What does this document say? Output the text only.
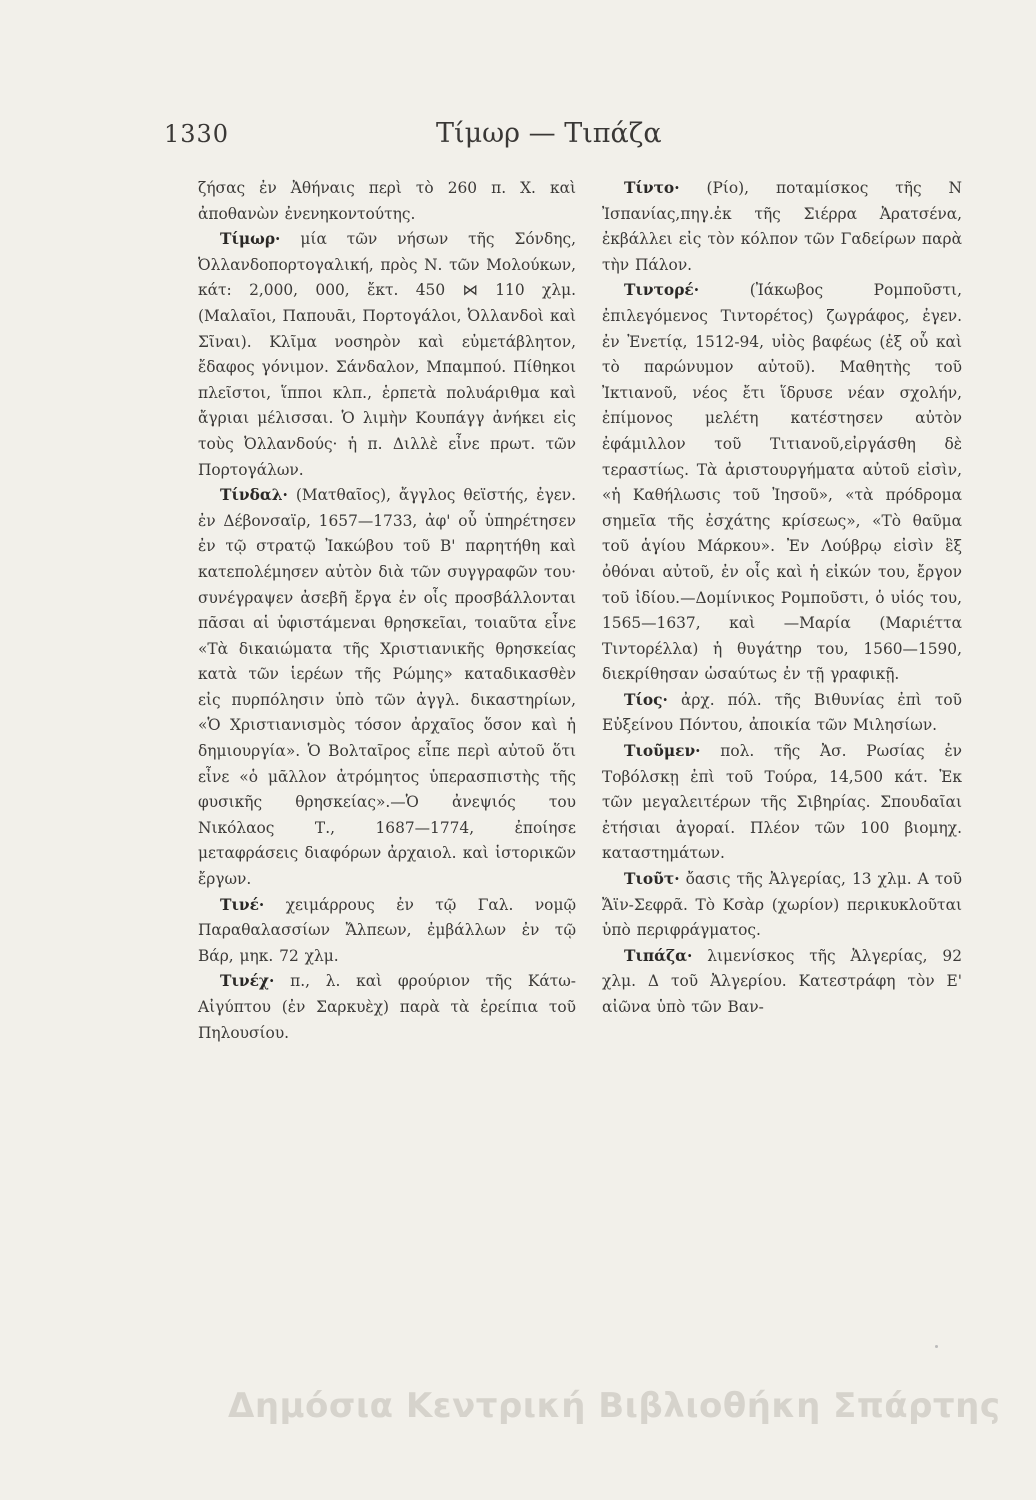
1330	Τίμωρ — Τιπάζα

ζήσας ἐν Ἀθήναις περὶ τὸ 260 π. Χ. καὶ ἀποθανὼν ἐνενηκοντούτης.

Τίμωρ· μία τῶν νήσων τῆς Σόνδης, Ὀλλανδοπορτογαλική, πρὸς Ν. τῶν Μολούκων, κάτ: 2,000, 000, ἔκτ. 450 ⋈ 110 χλμ. (Μαλαῖοι, Παπουᾶι, Πορτογάλοι, Ὀλλανδοὶ καὶ Σῖναι). Κλῖμα νοσηρὸν καὶ εὐμετάβλητον, ἔδαφος γόνιμον. Σάνδαλον, Μπαμπού. Πίθηκοι πλεῖστοι, ἵπποι κλπ., ἑρπετὰ πολυάριθμα καὶ ἄγριαι μέλισσαι. Ὁ λιμὴν Κουπάγγ ἀνήκει εἰς τοὺς Ὀλλανδούς· ἡ π. Διλλὲ εἶνε πρωτ. τῶν Πορτογάλων.

Τίνδαλ· (Ματθαῖος), ἄγγλος θεϊστής, ἐγεν. ἐν Δέβονσαϊρ, 1657—1733, ἀφ' οὗ ὑπηρέτησεν ἐν τῷ στρατῷ Ἰακώβου τοῦ Β' παρητήθη καὶ κατεπολέμησεν αὐτὸν διὰ τῶν συγγραφῶν του· συνέγραψεν ἀσεβῆ ἔργα ἐν οἷς προσβάλλονται πᾶσαι αἱ ὑφιστάμεναι θρησκεῖαι, τοιαῦτα εἶνε «Τὰ δικαιώματα τῆς Χριστιανικῆς θρησκείας κατὰ τῶν ἱερέων τῆς Ρώμης» καταδικασθὲν εἰς πυρπόλησιν ὑπὸ τῶν ἀγγλ. δικαστηρίων, «Ὁ Χριστιανισμὸς τόσον ἀρχαῖος ὅσον καὶ ἡ δημιουργία». Ὁ Βολταῖρος εἶπε περὶ αὐτοῦ ὅτι εἶνε «ὁ μᾶλλον ἀτρόμητος ὑπερασπιστὴς τῆς φυσικῆς θρησκείας».—Ὁ ἀνεψιός του Νικόλαος Τ., 1687—1774, ἐποίησε μεταφράσεις διαφόρων ἀρχαιολ. καὶ ἱστορικῶν ἔργων.

Τινέ· χειμάρρους ἐν τῷ Γαλ. νομῷ Παραθαλασσίων Ἄλπεων, ἐμβάλλων ἐν τῷ Βάρ, μηκ. 72 χλμ.

Τινέχ· π., λ. καὶ φρούριον τῆς Κάτω-Αἰγύπτου (ἐν Σαρκυὲχ) παρὰ τὰ ἐρείπια τοῦ Πηλουσίου.

Τίντο· (Ρίο), ποταμίσκος τῆς Ν Ἰσπανίας,πηγ.ἐκ τῆς Σιέρρα Ἀρατσένα, ἐκβάλλει εἰς τὸν κόλπον τῶν Γαδείρων παρὰ τὴν Πάλον.

Τιντορέ·	(Ἰάκωβος Ρομποῦστι, ἐπιλεγόμενος Τιντορέτος) ζωγράφος, ἐγεν. ἐν Ἐνετίᾳ, 1512-94, υἱὸς βαφέως (ἐξ οὗ καὶ τὸ παρώνυμον αὐτοῦ). Μαθητὴς τοῦ Ἰκτιανοῦ, νέος ἔτι ἵδρυσε νέαν σχολήν, ἐπίμονος μελέτη κατέστησεν αὐτὸν ἐφάμιλλον τοῦ Τιτιανοῦ,εἰργάσθη δὲ τεραστίως. Τὰ ἀριστουργήματα αὐτοῦ εἰσὶν, «ἡ Καθήλωσις τοῦ Ἰησοῦ», «τὰ πρόδρομα σημεῖα τῆς ἐσχάτης κρίσεως», «Τὸ θαῦμα τοῦ ἁγίου Μάρκου». Ἐν Λούβρῳ εἰσὶν ἓξ ὀθόναι αὐτοῦ, ἐν οἷς καὶ ἡ εἰκών του, ἔργον τοῦ ἰδίου.—Δομίνικος Ρομποῦστι, ὁ υἱός του, 1565—1637, καὶ —Μαρία (Μαριέττα Τιντορέλλα) ἡ θυγάτηρ του, 1560—1590, διεκρίθησαν ὡσαύτως ἐν τῇ γραφικῇ.

Τίος· ἀρχ. πόλ. τῆς Βιθυνίας ἐπὶ τοῦ Εὐξείνου Πόντου, ἀποικία τῶν Μιλησίων.

Τιοῦμεν· πολ. τῆς Ἀσ. Ρωσίας ἐν Τοβόλσκῃ ἐπὶ τοῦ Τούρα, 14,500 κάτ. Ἐκ τῶν μεγαλειτέρων τῆς Σιβηρίας. Σπουδαῖαι ἐτήσιαι ἀγοραί. Πλέον τῶν 100 βιομηχ. καταστημάτων.

Τιοῦτ· ὄασις τῆς Ἀλγερίας, 13 χλμ. Α τοῦ Ἄϊν-Σεφρᾶ. Τὸ Κσὰρ (χωρίον) περικυκλοῦται ὑπὸ περιφράγματος.

Τιπάζα· λιμενίσκος τῆς Ἀλγερίας, 92 χλμ. Δ τοῦ Ἀλγερίου. Κατεστράφη τὸν Ε' αἰῶνα ὑπὸ τῶν Βαν-

Δημόσια Κεντρική Βιβλιοθήκη Σπάρτης
